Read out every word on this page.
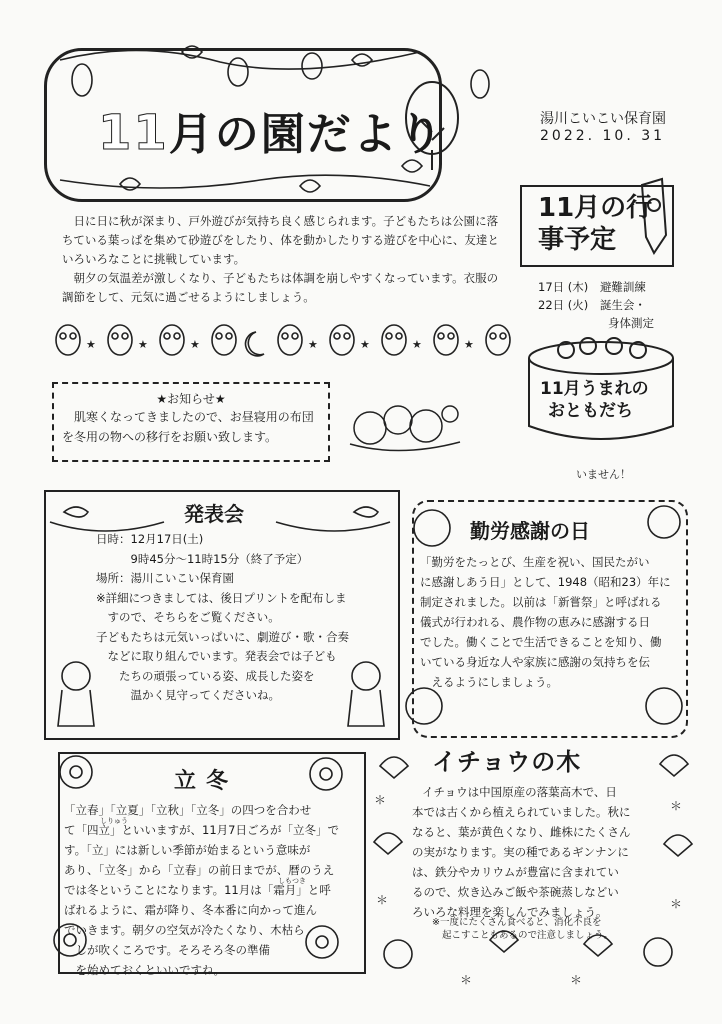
11月の園だより	湯川こいこい保育園
2022. 10. 31
11月の行事予定
17日 (木) 避難訓練
22日 (火) 誕生会・
身体測定

日に日に秋が深まり、戸外遊びが気持ち良く感じられます。子どもたちは公園に落ちている葉っぱを集めて砂遊びをしたり、体を動かしたりする遊びを中心に、友達といろいろなことに挑戦しています。

朝夕の気温差が激しくなり、子どもたちは体調を崩しやすくなっています。衣服の調節をして、元気に過ごせるようにしましょう。

★	★	★	★	★	★	★
★お知らせ★
肌寒くなってきましたので、お昼寝用の布団を冬用の物への移行をお願い致します。
11月うまれの
おともだち
いません！
発表会
日時：12月17日(土)
　　　9時45分～11時15分（終了予定）
場所：湯川こいこい保育園
※詳細につきましては、後日プリントを配布しま
　すので、そちらをご覧ください。
子どもたちは元気いっぱいに、劇遊び・歌・合奏
　などに取り組んでいます。発表会では子ども
　　たちの頑張っている姿、成長した姿を
　　　温かく見守ってくださいね。
勤労感謝の日
「勤労をたっとび、生産を祝い、国民たがい
に感謝しあう日」として、1948（昭和23）年に
制定されました。以前は「新嘗祭」と呼ばれる
儀式が行われる、農作物の恵みに感謝する日
でした。働くことで生活できることを知り、働
いている身近な人や家族に感謝の気持ちを伝
　えるようにしましょう。
立冬
しりゅう
しもつき
「立春」「立夏」「立秋」「立冬」の四つを合わせ
て「四立」といいますが、11月7日ごろが「立冬」で
す。「立」には新しい季節が始まるという意味が
あり、「立冬」から「立春」の前日までが、暦のうえ
では冬ということになります。11月は「霜月」と呼
ばれるように、霜が降り、冬本番に向かって進ん
でいきます。朝夕の空気が冷たくなり、木枯ら
　しが吹くころです。そろそろ冬の準備
　を始めておくといいですね。
＊	＊
＊	＊
＊	＊
イチョウの木
イチョウは中国原産の落葉高木で、日
本では古くから植えられていました。秋に
なると、葉が黄色くなり、雌株にたくさん
の実がなります。実の種であるギンナンに
は、鉄分やカリウムが豊富に含まれてい
るので、炊き込みご飯や茶碗蒸しなどい
ろいろな料理を楽しんでみましょう。
※一度にたくさん食べると、消化不良を
起こすこともあるので注意しましょう。
